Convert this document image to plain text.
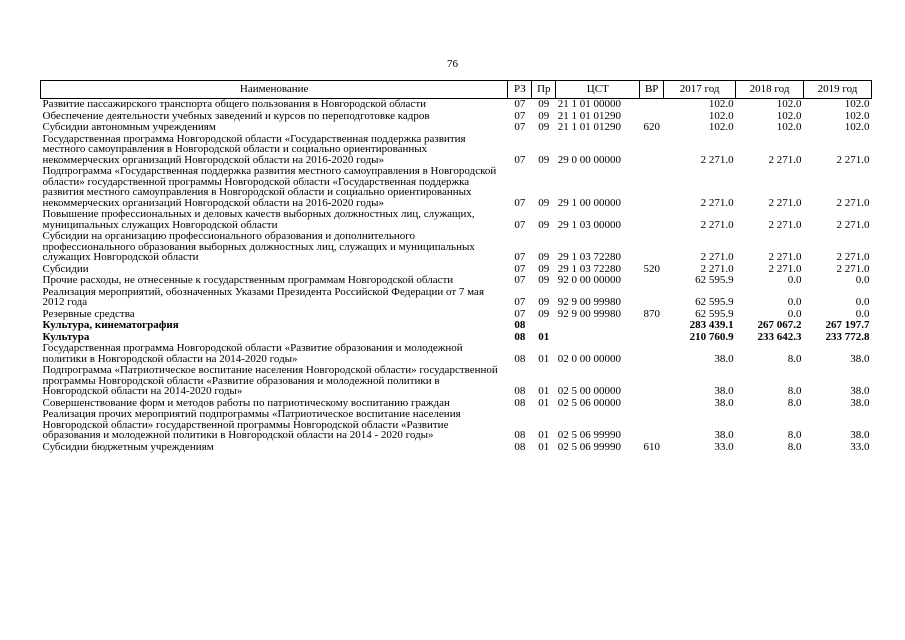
76
Наименование	РЗ	Пр	ЦСТ	ВР	2017 год	2018 год	2019 год
Развитие пассажирского транспорта общего пользования в Новгородской области	07	09	21 1 01 00000		102.0	102.0	102.0
Обеспечение деятельности учебных заведений и курсов по переподготовке кадров	07	09	21 1 01 01290		102.0	102.0	102.0
Субсидии автономным учреждениям	07	09	21 1 01 01290	620	102.0	102.0	102.0
Государственная программа Новгородской области «Государственная поддержка развития местного самоуправления в Новгородской области и социально ориентированных некоммерческих организаций Новгородской области на 2016-2020 годы»	07	09	29 0 00 00000		2 271.0	2 271.0	2 271.0
Подпрограмма «Государственная поддержка развития местного самоуправления в Новгородской области» государственной программы Новгородской области «Государственная поддержка развития местного самоуправления в Новгородской области и социально ориентированных некоммерческих организаций Новгородской области на 2016-2020 годы»	07	09	29 1 00 00000		2 271.0	2 271.0	2 271.0
Повышение профессиональных и деловых качеств выборных должностных лиц, служащих, муниципальных служащих Новгородской области	07	09	29 1 03 00000		2 271.0	2 271.0	2 271.0
Субсидии на организацию профессионального образования и дополнительного профессионального образования выборных должностных лиц, служащих и муниципальных служащих Новгородской области	07	09	29 1 03 72280		2 271.0	2 271.0	2 271.0
Субсидии	07	09	29 1 03 72280	520	2 271.0	2 271.0	2 271.0
Прочие расходы, не отнесенные к государственным программам Новгородской области	07	09	92 0 00 00000		62 595.9	0.0	0.0
Реализация мероприятий, обозначенных Указами Президента Российской Федерации от 7 мая 2012 года	07	09	92 9 00 99980		62 595.9	0.0	0.0
Резервные средства	07	09	92 9 00 99980	870	62 595.9	0.0	0.0
Культура, кинематография	08				283 439.1	267 067.2	267 197.7
Культура	08	01			210 760.9	233 642.3	233 772.8
Государственная программа Новгородской области «Развитие образования и молодежной политики в Новгородской области на 2014-2020 годы»	08	01	02 0 00 00000		38.0	8.0	38.0
Подпрограмма «Патриотическое воспитание населения Новгородской области» государственной программы Новгородской области «Развитие образования и молодежной политики в Новгородской области на 2014-2020 годы»	08	01	02 5 00 00000		38.0	8.0	38.0
Совершенствование форм и методов работы по патриотическому воспитанию граждан	08	01	02 5 06 00000		38.0	8.0	38.0
Реализация прочих мероприятий подпрограммы «Патриотическое воспитание населения Новгородской области» государственной программы Новгородской области «Развитие образования и молодежной политики в Новгородской области на 2014 - 2020 годы»	08	01	02 5 06 99990		38.0	8.0	38.0
Субсидии бюджетным учреждениям	08	01	02 5 06 99990	610	33.0	8.0	33.0
